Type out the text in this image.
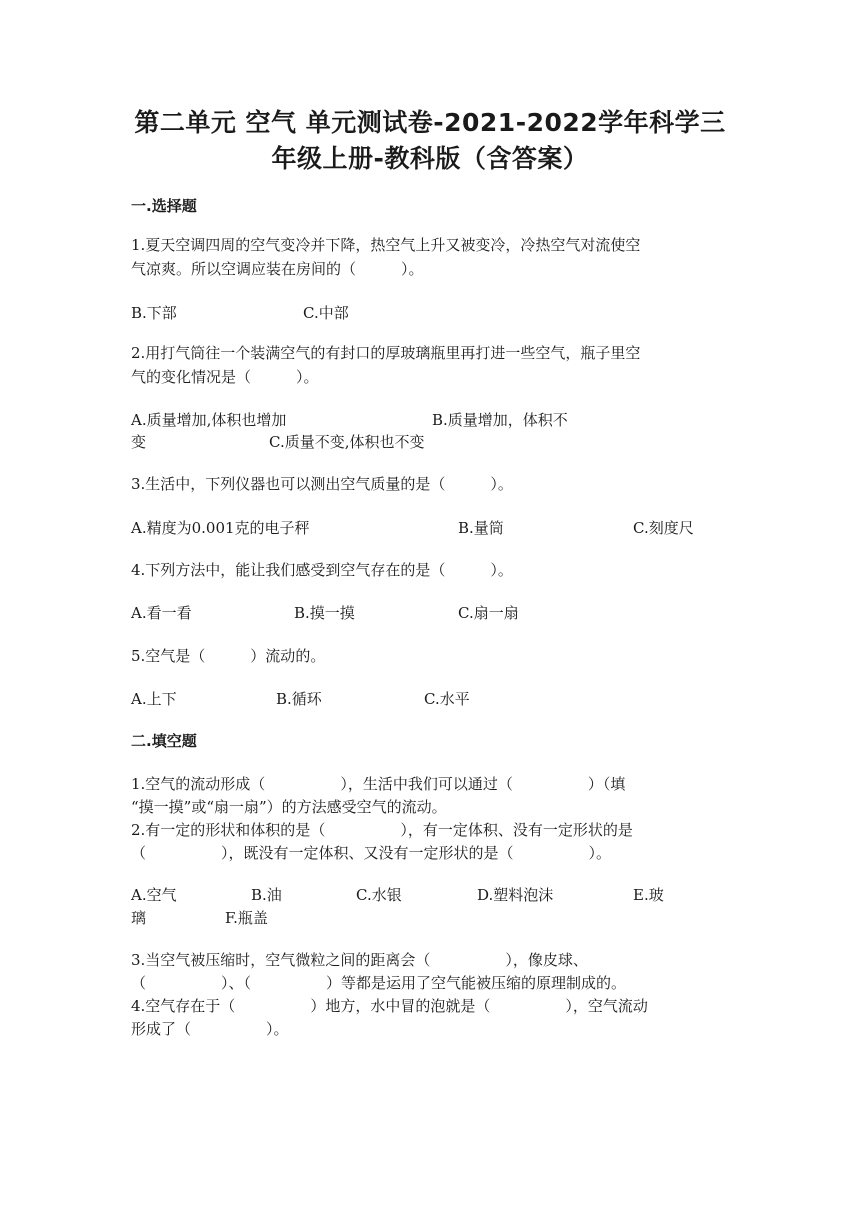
第二单元 空气 单元测试卷-2021-2022学年科学三
年级上册-教科版（含答案）
一.选择题
1.夏天空调四周的空气变冷并下降，热空气上升又被变冷，冷热空气对流使空
气凉爽。所以空调应装在房间的（　　　）。
B.下部	C.中部
2.用打气筒往一个装满空气的有封口的厚玻璃瓶里再打进一些空气，瓶子里空
气的变化情况是（　　　）。
A.质量增加,体积也增加	B.质量增加，体积不
变	C.质量不变,体积也不变
3.生活中，下列仪器也可以测出空气质量的是（　　　）。
A.精度为0.001克的电子秤	B.量筒	C.刻度尺
4.下列方法中，能让我们感受到空气存在的是（　　　）。
A.看一看	B.摸一摸	C.扇一扇
5.空气是（　　　）流动的。
A.上下	B.循环	C.水平
二.填空题
1.空气的流动形成（　　　　　），生活中我们可以通过（　　　　　）（填
“摸一摸”或“扇一扇”）的方法感受空气的流动。
2.有一定的形状和体积的是（　　　　　），有一定体积、没有一定形状的是
（　　　　　），既没有一定体积、又没有一定形状的是（　　　　　）。
A.空气	B.油	C.水银	D.塑料泡沫	E.玻
璃	F.瓶盖
3.当空气被压缩时，空气微粒之间的距离会（　　　　　），像皮球、
（　　　　　）、（　　　　　）等都是运用了空气能被压缩的原理制成的。
4.空气存在于（　　　　　）地方，水中冒的泡就是（　　　　　），空气流动
形成了（　　　　　）。
